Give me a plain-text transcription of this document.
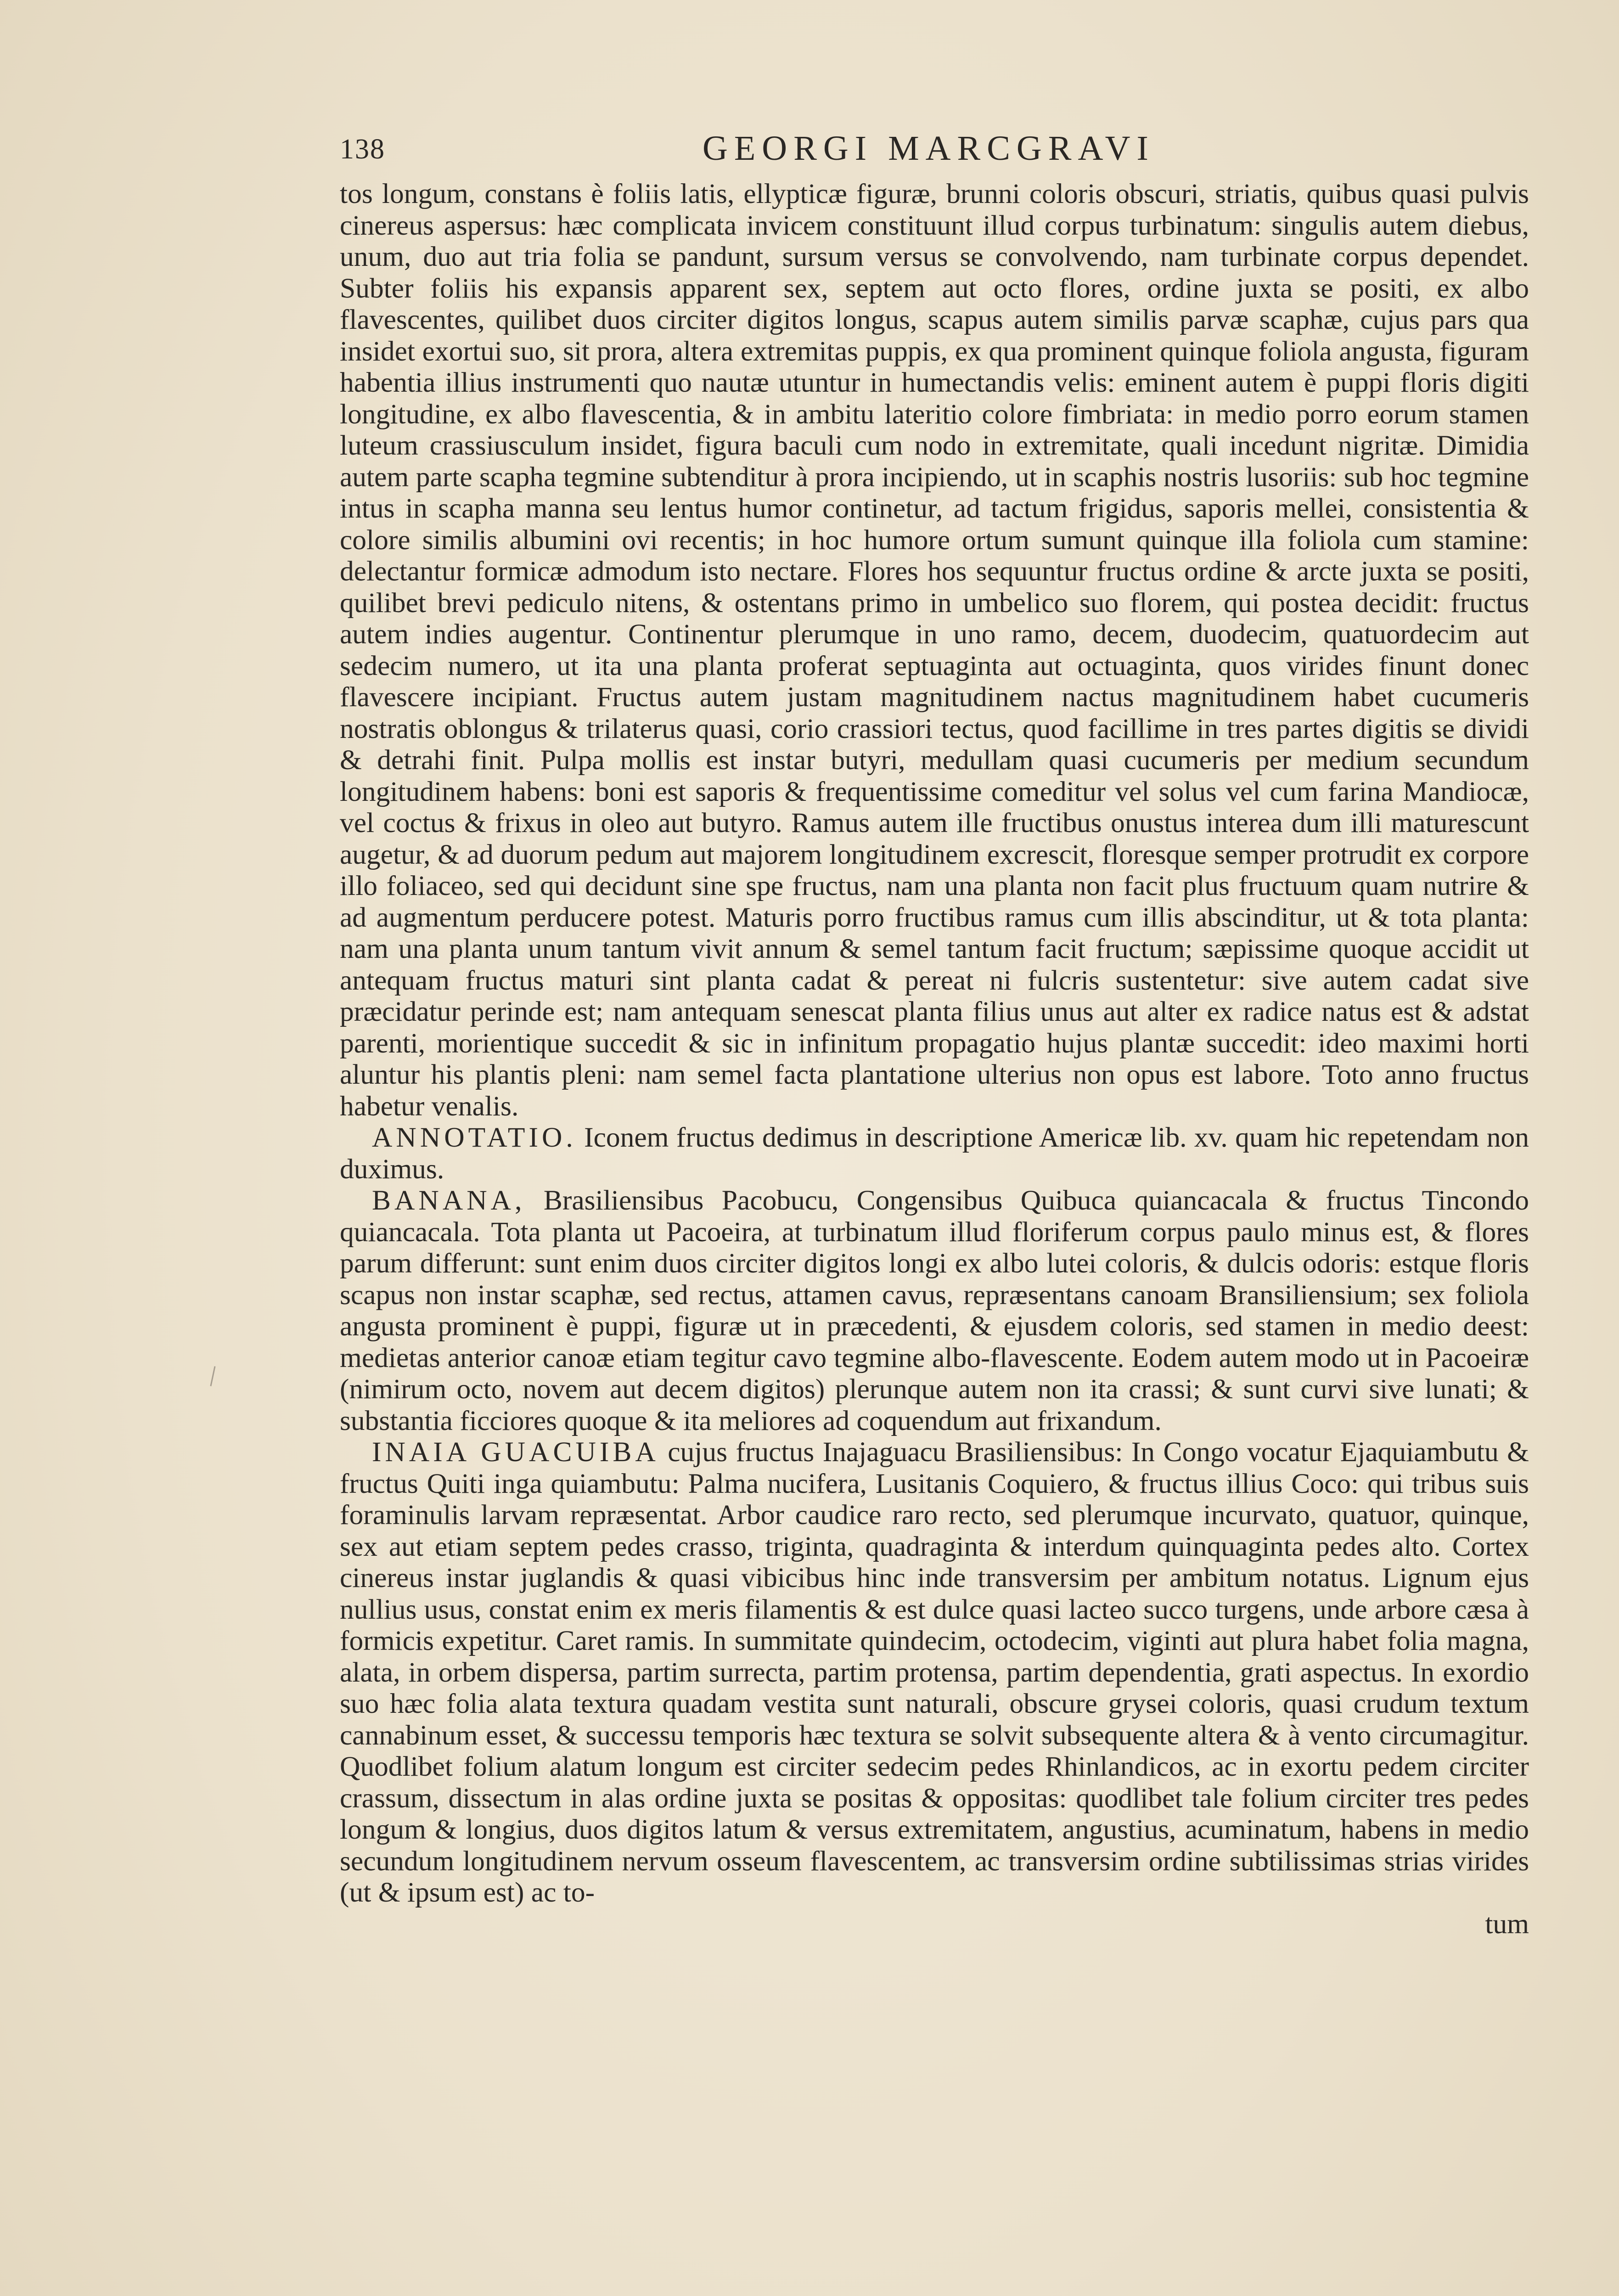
138	GEORGI MARCGRAVI

tos longum, constans è foliis latis, ellypticæ figuræ, brunni coloris obscuri, striatis, quibus quasi pulvis cinereus aspersus: hæc complicata invicem constituunt illud corpus turbinatum: singulis autem diebus, unum, duo aut tria folia se pandunt, sursum versus se convolvendo, nam turbinate corpus dependet. Subter foliis his expansis apparent sex, septem aut octo flores, ordine juxta se positi, ex albo flavescentes, quilibet duos circiter digitos longus, scapus autem similis parvæ scaphæ, cujus pars qua insidet exortui suo, sit prora, altera extremitas puppis, ex qua prominent quinque foliola angusta, figuram habentia illius instrumenti quo nautæ utuntur in humectandis velis: eminent autem è puppi floris digiti longitudine, ex albo flavescentia, & in ambitu lateritio colore fimbriata: in medio porro eorum stamen luteum crassiusculum insidet, figura baculi cum nodo in extremitate, quali incedunt nigritæ. Dimidia autem parte scapha tegmine subtenditur à prora incipiendo, ut in scaphis nostris lusoriis: sub hoc tegmine intus in scapha manna seu lentus humor continetur, ad tactum frigidus, saporis mellei, consistentia & colore similis albumini ovi recentis; in hoc humore ortum sumunt quinque illa foliola cum stamine: delectantur formicæ admodum isto nectare. Flores hos sequuntur fructus ordine & arcte juxta se positi, quilibet brevi pediculo nitens, & ostentans primo in umbelico suo florem, qui postea decidit: fructus autem indies augentur. Continentur plerumque in uno ramo, decem, duodecim, quatuordecim aut sedecim numero, ut ita una planta proferat septuaginta aut octuaginta, quos virides finunt donec flavescere incipiant. Fructus autem justam magnitudinem nactus magnitudinem habet cucumeris nostratis oblongus & trilaterus quasi, corio crassiori tectus, quod facillime in tres partes digitis se dividi & detrahi finit. Pulpa mollis est instar butyri, medullam quasi cucumeris per medium secundum longitudinem habens: boni est saporis & frequentissime comeditur vel solus vel cum farina Mandiocæ, vel coctus & frixus in oleo aut butyro. Ramus autem ille fructibus onustus interea dum illi maturescunt augetur, & ad duorum pedum aut majorem longitudinem excrescit, floresque semper protrudit ex corpore illo foliaceo, sed qui decidunt sine spe fructus, nam una planta non facit plus fructuum quam nutrire & ad augmentum perducere potest. Maturis porro fructibus ramus cum illis abscinditur, ut & tota planta: nam una planta unum tantum vivit annum & semel tantum facit fructum; sæpissime quoque accidit ut antequam fructus maturi sint planta cadat & pereat ni fulcris sustentetur: sive autem cadat sive præcidatur perinde est; nam antequam senescat planta filius unus aut alter ex radice natus est & adstat parenti, morientique succedit & sic in infinitum propagatio hujus plantæ succedit: ideo maximi horti aluntur his plantis pleni: nam semel facta plantatione ulterius non opus est labore. Toto anno fructus habetur venalis.

ANNOTATIO. Iconem fructus dedimus in descriptione Americæ lib. xv. quam hic repetendam non duximus.

BANANA, Brasiliensibus Pacobucu, Congensibus Quibuca quiancacala & fructus Tincondo quiancacala. Tota planta ut Pacoeira, at turbinatum illud floriferum corpus paulo minus est, & flores parum differunt: sunt enim duos circiter digitos longi ex albo lutei coloris, & dulcis odoris: estque floris scapus non instar scaphæ, sed rectus, attamen cavus, repræsentans canoam Bransiliensium; sex foliola angusta prominent è puppi, figuræ ut in præcedenti, & ejusdem coloris, sed stamen in medio deest: medietas anterior canoæ etiam tegitur cavo tegmine albo-flavescente. Eodem autem modo ut in Pacoeiræ (nimirum octo, novem aut decem digitos) plerunque autem non ita crassi; & sunt curvi sive lunati; & substantia ficciores quoque & ita meliores ad coquendum aut frixandum.

INAIA GUACUIBA cujus fructus Inajaguacu Brasiliensibus: In Congo vocatur Ejaquiambutu & fructus Quiti inga quiambutu: Palma nucifera, Lusitanis Coquiero, & fructus illius Coco: qui tribus suis foraminulis larvam repræsentat. Arbor caudice raro recto, sed plerumque incurvato, quatuor, quinque, sex aut etiam septem pedes crasso, triginta, quadraginta & interdum quinquaginta pedes alto. Cortex cinereus instar juglandis & quasi vibicibus hinc inde transversim per ambitum notatus. Lignum ejus nullius usus, constat enim ex meris filamentis & est dulce quasi lacteo succo turgens, unde arbore cæsa à formicis expetitur. Caret ramis. In summitate quindecim, octodecim, viginti aut plura habet folia magna, alata, in orbem dispersa, partim surrecta, partim protensa, partim dependentia, grati aspectus. In exordio suo hæc folia alata textura quadam vestita sunt naturali, obscure grysei coloris, quasi crudum textum cannabinum esset, & successu temporis hæc textura se solvit subsequente altera & à vento circumagitur. Quodlibet folium alatum longum est circiter sedecim pedes Rhinlandicos, ac in exortu pedem circiter crassum, dissectum in alas ordine juxta se positas & oppositas: quodlibet tale folium circiter tres pedes longum & longius, duos digitos latum & versus extremitatem, angustius, acuminatum, habens in medio secundum longitudinem nervum osseum flavescentem, ac transversim ordine subtilissimas strias virides (ut & ipsum est) ac to-

tum
